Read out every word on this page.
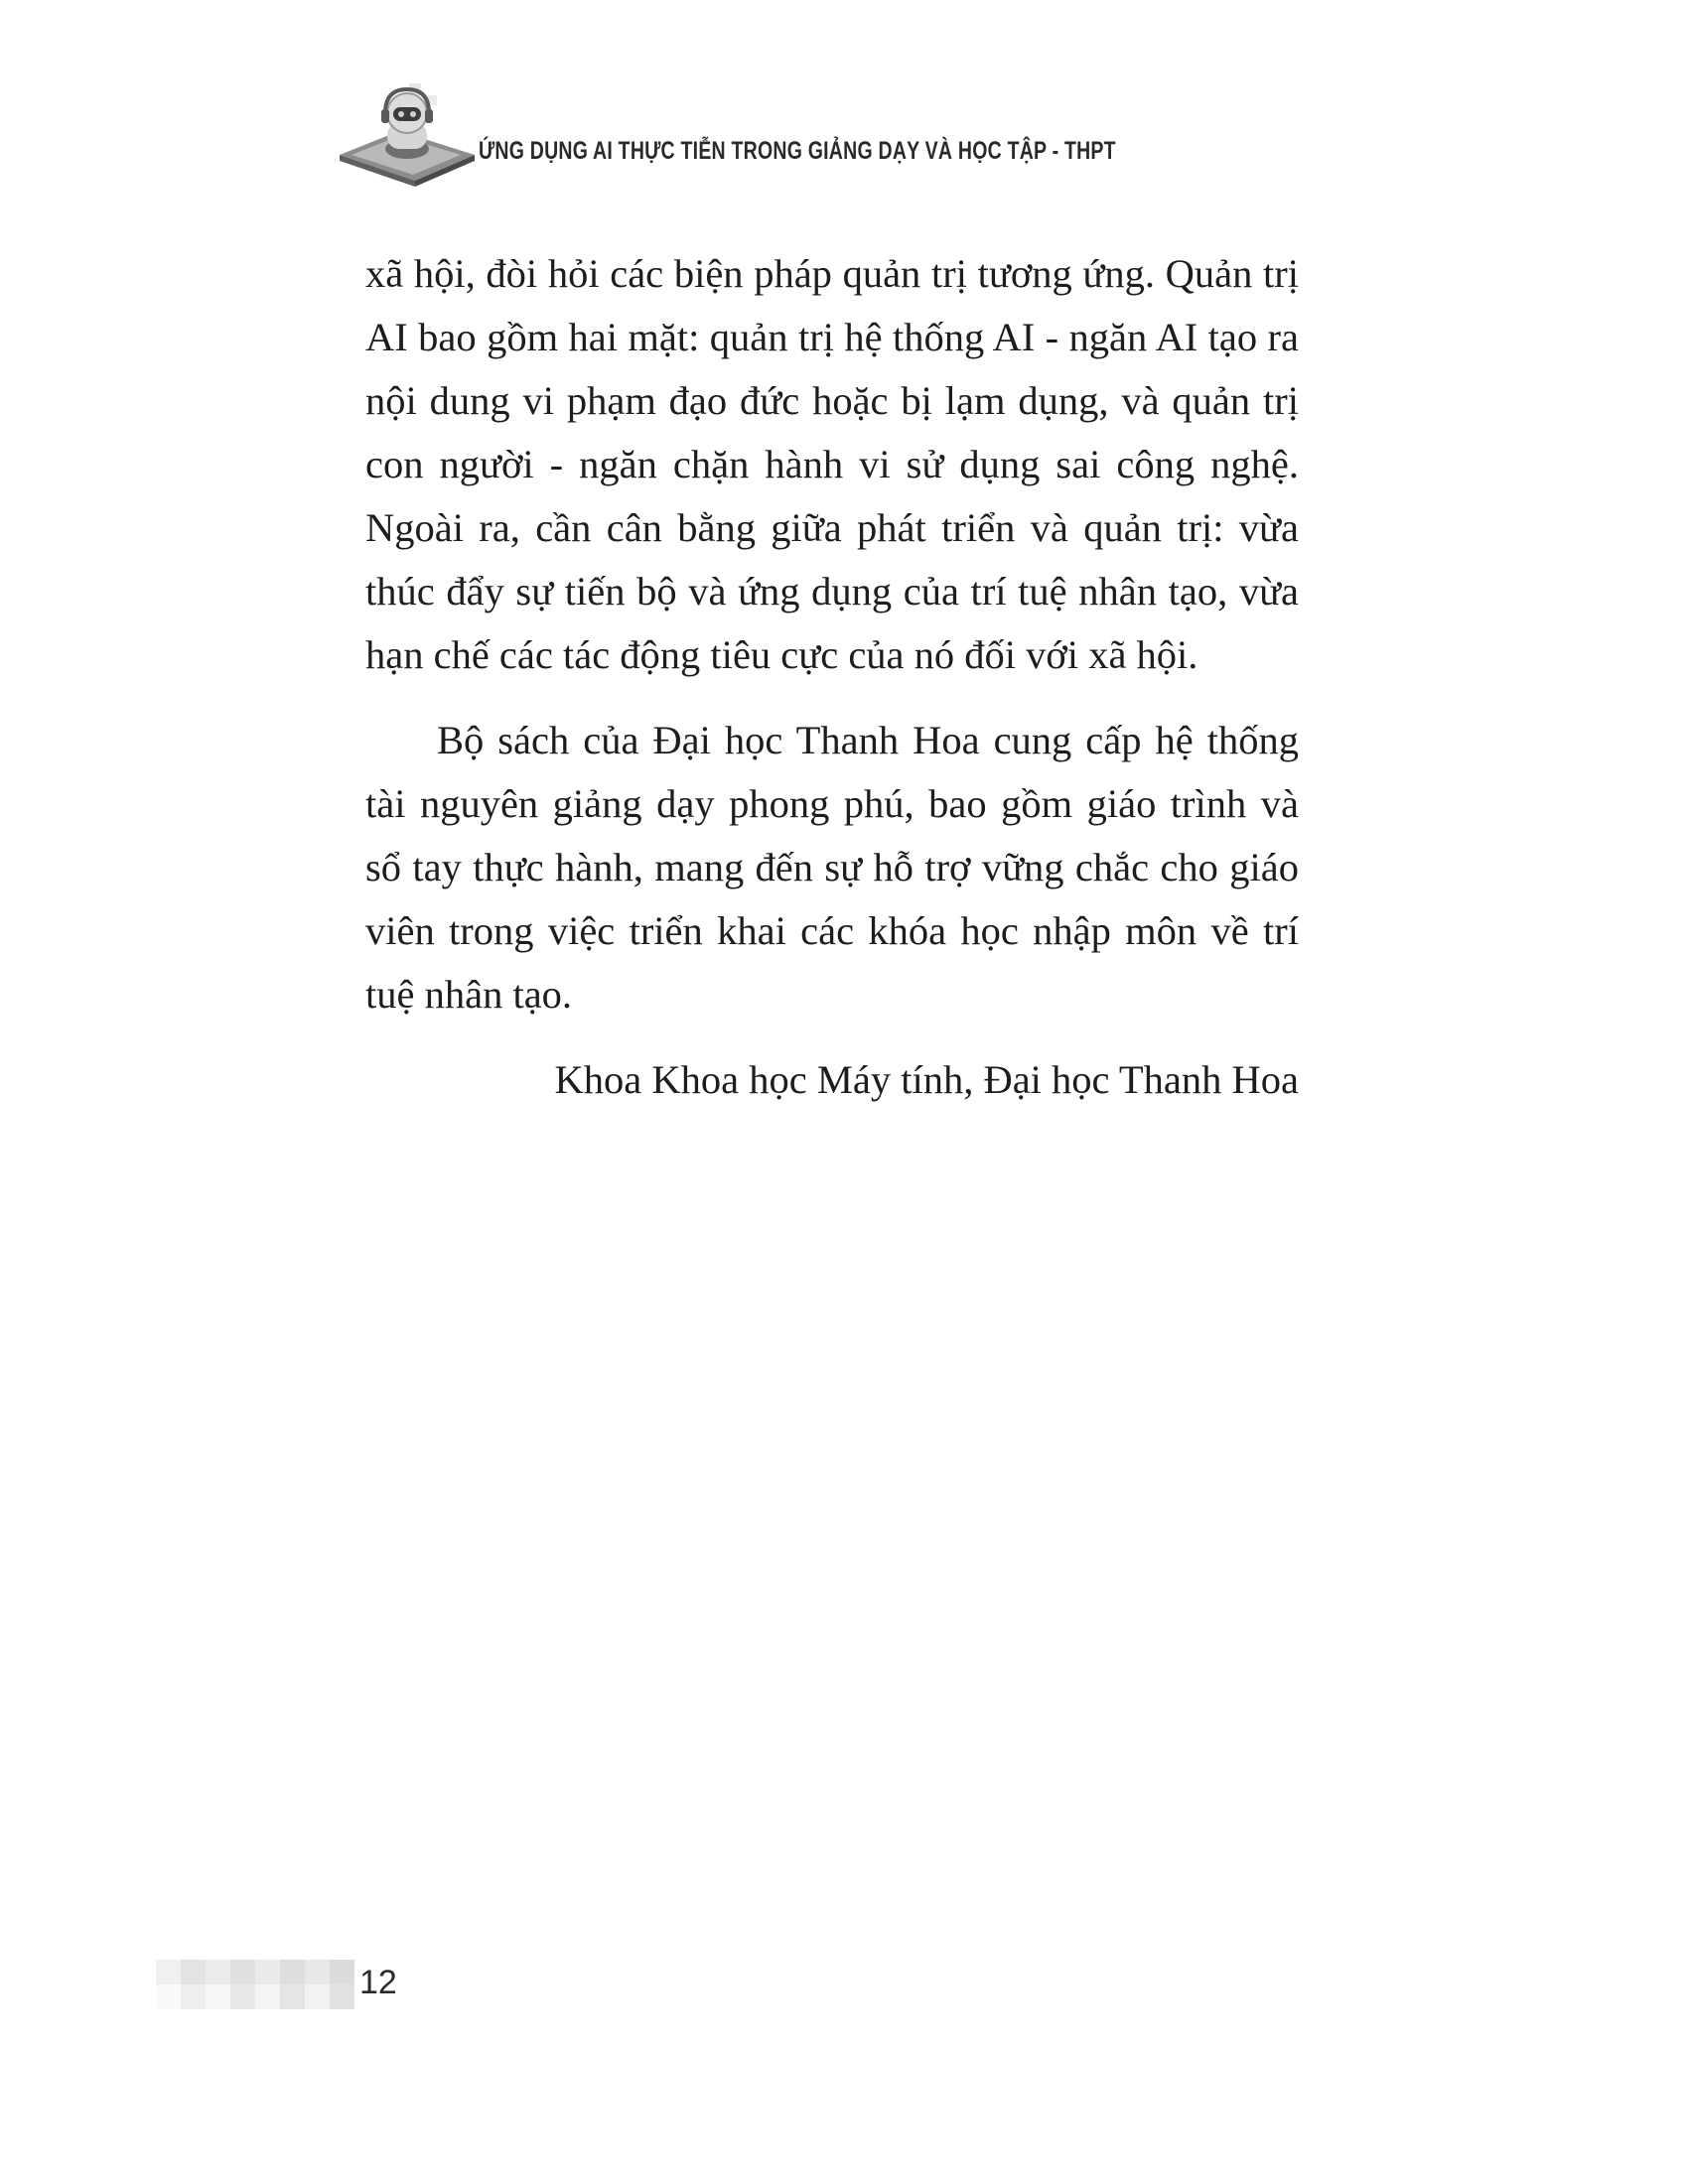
ỨNG DỤNG AI THỰC TIỄN TRONG GIẢNG DẠY VÀ HỌC TẬP - THPT

xã hội, đòi hỏi các biện pháp quản trị tương ứng. Quản trị AI bao gồm hai mặt: quản trị hệ thống AI - ngăn AI tạo ra nội dung vi phạm đạo đức hoặc bị lạm dụng, và quản trị con người - ngăn chặn hành vi sử dụng sai công nghệ. Ngoài ra, cần cân bằng giữa phát triển và quản trị: vừa thúc đẩy sự tiến bộ và ứng dụng của trí tuệ nhân tạo, vừa hạn chế các tác động tiêu cực của nó đối với xã hội.

Bộ sách của Đại học Thanh Hoa cung cấp hệ thống tài nguyên giảng dạy phong phú, bao gồm giáo trình và sổ tay thực hành, mang đến sự hỗ trợ vững chắc cho giáo viên trong việc triển khai các khóa học nhập môn về trí tuệ nhân tạo.

Khoa Khoa học Máy tính, Đại học Thanh Hoa
12
